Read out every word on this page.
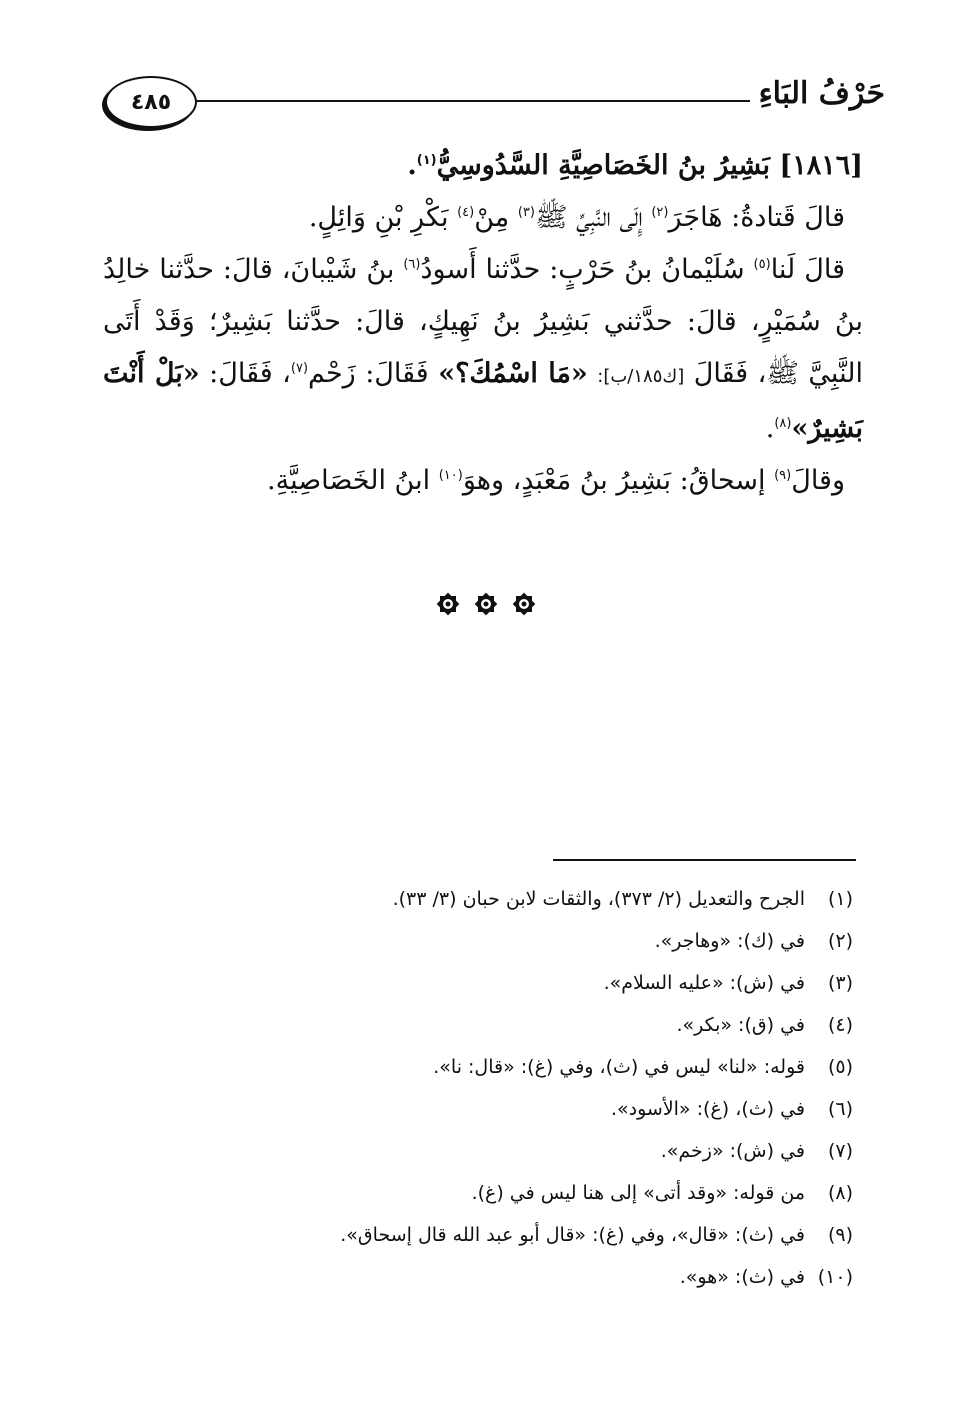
حَرْفُ البَاءِ
٤٨٥

[١٨١٦] بَشِيرُ بنُ الخَصَاصِيَّةِ السَّدُوسِيُّ$^{(١)}$.

قالَ قَتادةُ: هَاجَرَ$^{(٢)}$ إِلَى النَّبِيِّ ﷺ$^{(٣)}$ مِنْ$^{(٤)}$ بَكْرِ بْنِ وَائِلٍ.

قالَ لَنا$^{(٥)}$ سُلَيْمانُ بنُ حَرْبٍ: حدَّثنا أَسودُ$^{(٦)}$ بنُ شَيْبانَ، قالَ: حدَّثنا خالِدُ بنُ سُمَيْرٍ، قالَ: حدَّثني بَشِيرُ بنُ نَهِيكٍ، قالَ: حدَّثنا بَشِيرٌ؛ وَقَدْ أَتَى النَّبِيَّ ﷺ، فَقَالَ [ك١٨٥/ب]: «مَا اسْمُكَ؟» فَقَالَ: زَحْم$^{(٧)}$، فَقَالَ: «بَلْ أَنْتَ بَشِيرٌ»$^{(٨)}$.

وقالَ$^{(٩)}$ إسحاقُ: بَشِيرُ بنُ مَعْبَدٍ، وهوَ$^{(١٠)}$ ابنُ الخَصَاصِيَّةِ.

(١)
الجرح والتعديل (٢/ ٣٧٣)، والثقات لابن حبان (٣/ ٣٣).
(٢)
في (ك): «وهاجر».
(٣)
في (ش): «عليه السلام».
(٤)
في (ق): «بكر».
(٥)
قوله: «لنا» ليس في (ث)، وفي (غ): «قال: نا».
(٦)
في (ث)، (غ): «الأسود».
(٧)
في (ش): «زخم».
(٨)
من قوله: «وقد أتى» إلى هنا ليس في (غ).
(٩)
في (ث): «قال»، وفي (غ): «قال أبو عبد الله قال إسحاق».
(١٠)
في (ث): «هو».
